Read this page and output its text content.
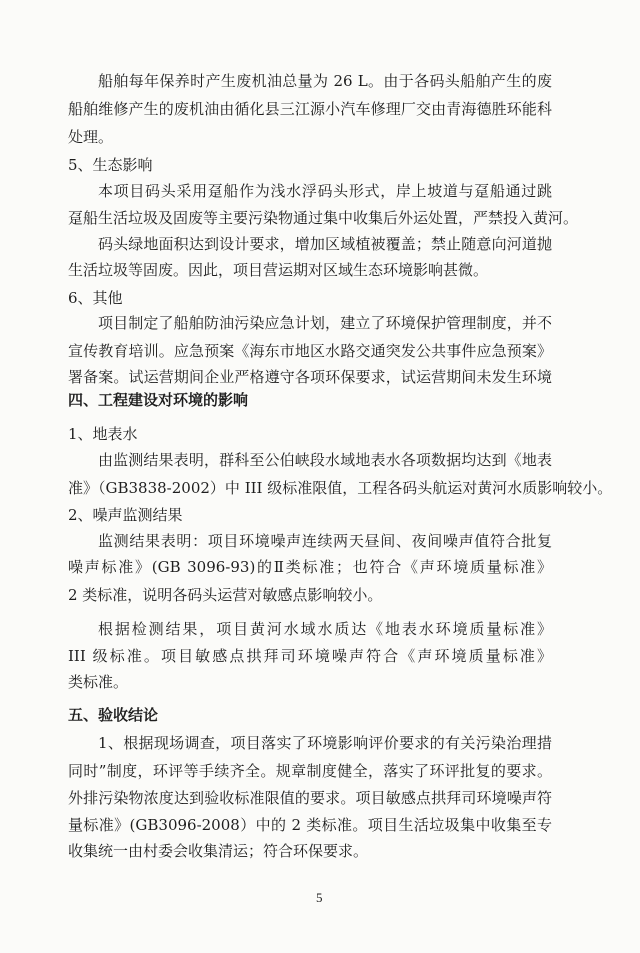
船舶每年保养时产生废机油总量为 26 L。由于各码头船舶产生的废
船舶维修产生的废机油由循化县三江源小汽车修理厂交由青海德胜环能科
处理。
5、生态影响
本项目码头采用趸船作为浅水浮码头形式，岸上坡道与趸船通过跳
趸船生活垃圾及固废等主要污染物通过集中收集后外运处置，严禁投入黄河。
码头绿地面积达到设计要求，增加区域植被覆盖；禁止随意向河道抛
生活垃圾等固废。因此，项目营运期对区域生态环境影响甚微。
6、其他
项目制定了船舶防油污染应急计划，建立了环境保护管理制度，并不
宣传教育培训。应急预案《海东市地区水路交通突发公共事件应急预案》
署备案。试运营期间企业严格遵守各项环保要求，试运营期间未发生环境
四、工程建设对环境的影响
1、地表水
由监测结果表明，群科至公伯峡段水域地表水各项数据均达到《地表
准》（GB3838-2002）中 III 级标准限值，工程各码头航运对黄河水质影响较小。
2、噪声监测结果
监测结果表明：项目环境噪声连续两天昼间、夜间噪声值符合批复
噪声标准》(GB 3096-93)的Ⅱ类标准；也符合《声环境质量标准》
2 类标准，说明各码头运营对敏感点影响较小。
根据检测结果，项目黄河水域水质达《地表水环境质量标准》
III 级标准。项目敏感点拱拜司环境噪声符合《声环境质量标准》
类标准。
五、验收结论
1、根据现场调查，项目落实了环境影响评价要求的有关污染治理措
同时”制度，环评等手续齐全。规章制度健全，落实了环评批复的要求。
外排污染物浓度达到验收标准限值的要求。项目敏感点拱拜司环境噪声符
量标准》(GB3096-2008）中的 2 类标准。项目生活垃圾集中收集至专
收集统一由村委会收集清运；符合环保要求。
5
